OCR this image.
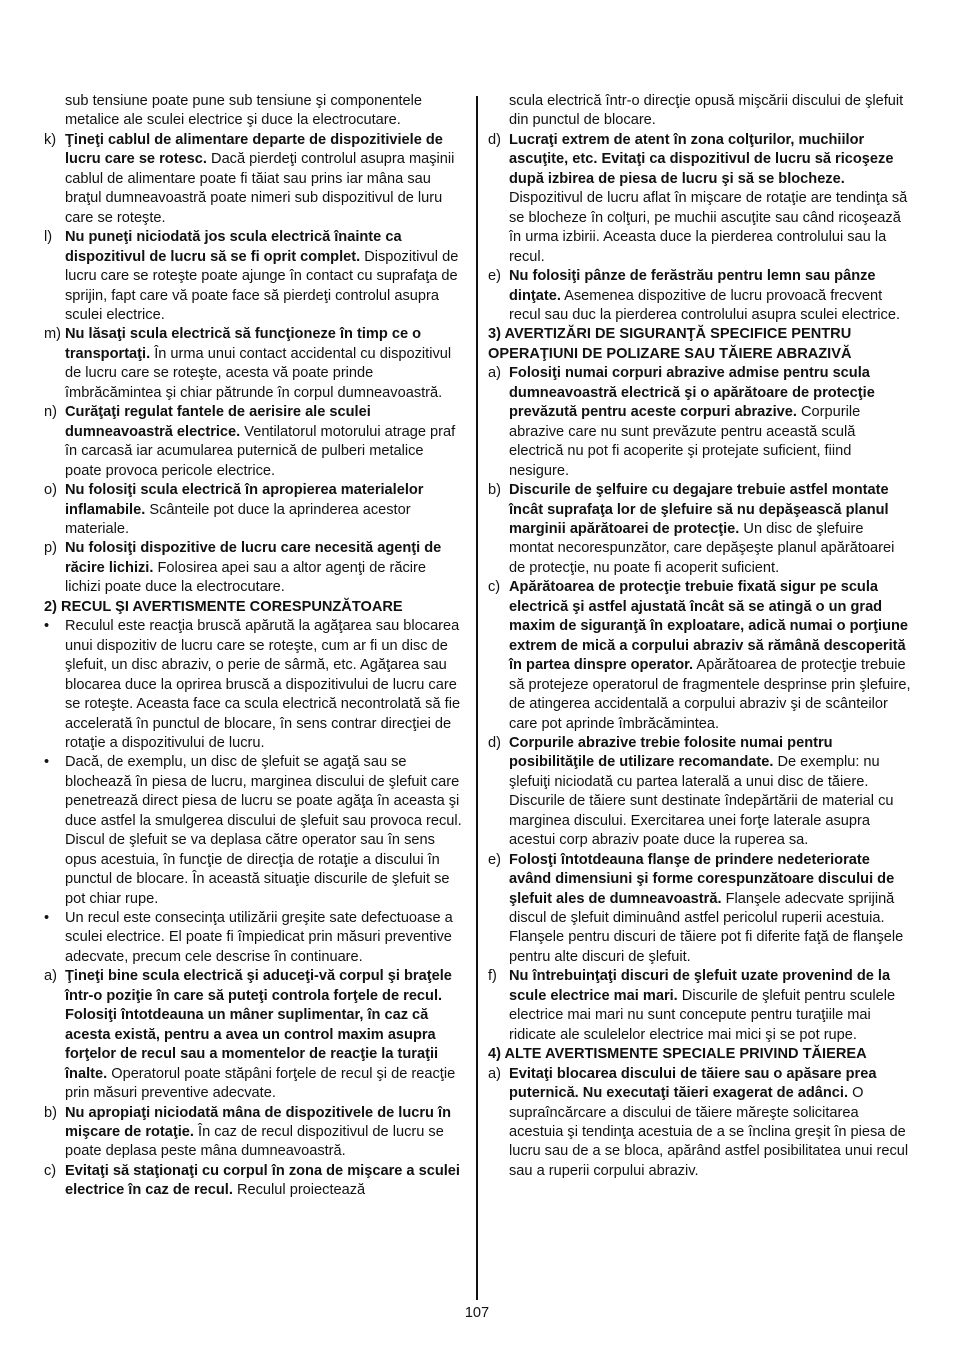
sub tensiune poate pune sub tensiune şi componentele metalice ale sculei electrice şi duce la electrocutare.
k) Ţineţi cablul de alimentare departe de dispozitiviele de lucru care se rotesc. Dacă pierdeţi controlul asupra maşinii cablul de alimentare poate fi tăiat sau prins iar mâna sau braţul dumneavoastră poate nimeri sub dispozitivul de luru care se roteşte.
l) Nu puneţi niciodată jos scula electrică înainte ca dispozitivul de lucru să se fi oprit complet. Dispozitivul de lucru care se roteşte poate ajunge în contact cu suprafaţa de sprijin, fapt care vă poate face să pierdeţi controlul asupra sculei electrice.
m) Nu lăsaţi scula electrică să funcţioneze în timp ce o transportaţi. În urma unui contact accidental cu dispozitivul de lucru care se roteşte, acesta vă poate prinde îmbrăcămintea şi chiar pătrunde în corpul dumneavoastră.
n) Curăţaţi regulat fantele de aerisire ale sculei dumneavoastră electrice. Ventilatorul motorului atrage praf în carcasă iar acumularea puternică de pulberi metalice poate provoca pericole electrice.
o) Nu folosiţi scula electrică în apropierea materialelor inflamabile. Scânteile pot duce la aprinderea acestor materiale.
p) Nu folosiţi dispozitive de lucru care necesită agenţi de răcire lichizi. Folosirea apei sau a altor agenţi de răcire lichizi poate duce la electrocutare.
2) RECUL ŞI AVERTISMENTE CORESPUNZĂTOARE
• Reculul este reacţia bruscă apărută la agăţarea sau blocarea unui dispozitiv de lucru care se roteşte, cum ar fi un disc de şlefuit, un disc abraziv, o perie de sârmă, etc. Agăţarea sau blocarea duce la oprirea bruscă a dispozitivului de lucru care se roteşte. Aceasta face ca scula electrică necontrolată să fie accelerată în punctul de blocare, în sens contrar direcţiei de rotaţie a dispozitivului de lucru.
• Dacă, de exemplu, un disc de şlefuit se agaţă sau se blochează în piesa de lucru, marginea discului de şlefuit care penetrează direct piesa de lucru se poate agăţa în aceasta şi duce astfel la smulgerea discului de şlefuit sau provoca recul. Discul de şlefuit se va deplasa către operator sau în sens opus acestuia, în funcţie de direcţia de rotaţie a discului în punctul de blocare. În această situaţie discurile de şlefuit se pot chiar rupe.
• Un recul este consecinţa utilizării greşite sate defectuoase a sculei electrice. El poate fi împiedicat prin măsuri preventive adecvate, precum cele descrise în continuare.
a) Ţineţi bine scula electrică şi aduceţi-vă corpul şi braţele într-o poziţie în care să puteţi controla forţele de recul. Folosiţi întotdeauna un mâner suplimentar, în caz că acesta există, pentru a avea un control maxim asupra forţelor de recul sau a momentelor de reacţie la turaţii înalte. Operatorul poate stăpâni forţele de recul şi de reacţie prin măsuri preventive adecvate.
b) Nu apropiaţi niciodată mâna de dispozitivele de lucru în mişcare de rotaţie. În caz de recul dispozitivul de lucru se poate deplasa peste mâna dumneavoastră.
c) Evitaţi să staţionaţi cu corpul în zona de mişcare a sculei electrice în caz de recul. Reculul proiectează
scula electrică într-o direcţie opusă mişcării discului de şlefuit din punctul de blocare.
d) Lucraţi extrem de atent în zona colţurilor, muchiilor ascuţite, etc. Evitaţi ca dispozitivul de lucru să ricoşeze după izbirea de piesa de lucru şi să se blocheze. Dispozitivul de lucru aflat în mişcare de rotaţie are tendinţa să se blocheze în colţuri, pe muchii ascuţite sau când ricoşează în urma izbirii. Aceasta duce la pierderea controlului sau la recul.
e) Nu folosiţi pânze de ferăstrău pentru lemn sau pânze dinţate. Asemenea dispozitive de lucru provoacă frecvent recul sau duc la pierderea controlului asupra sculei electrice.
3) AVERTIZĂRI DE SIGURANŢĂ SPECIFICE PENTRU OPERAŢIUNI DE POLIZARE SAU TĂIERE ABRAZIVĂ
a) Folosiţi numai corpuri abrazive admise pentru scula dumneavoastră electrică şi o apărătoare de protecţie prevăzută pentru aceste corpuri abrazive. Corpurile abrazive care nu sunt prevăzute pentru această sculă electrică nu pot fi acoperite şi protejate suficient, fiind nesigure.
b) Discurile de şelfuire cu degajare trebuie astfel montate încât suprafaţa lor de şlefuire să nu depăşească planul marginii apărătoarei de protecţie. Un disc de şlefuire montat necorespunzător, care depăşeşte planul apărătoarei de protecţie, nu poate fi acoperit suficient.
c) Apărătoarea de protecţie trebuie fixată sigur pe scula electrică şi astfel ajustată încât să se atingă o un grad maxim de siguranţă în exploatare, adică numai o porţiune extrem de mică a corpului abraziv să rămână descoperită în partea dinspre operator. Apărătoarea de protecţie trebuie să protejeze operatorul de fragmentele desprinse prin şlefuire, de atingerea accidentală a corpului abraziv şi de scânteilor care pot aprinde îmbrăcămintea.
d) Corpurile abrazive trebie folosite numai pentru posibilităţile de utilizare recomandate. De exemplu: nu şlefuiţi niciodată cu partea laterală a unui disc de tăiere. Discurile de tăiere sunt destinate îndepărtării de material cu marginea discului. Exercitarea unei forţe laterale asupra acestui corp abraziv poate duce la ruperea sa.
e) Folosţi întotdeauna flanşe de prindere nedeteriorate având dimensiuni şi forme corespunzătoare discului de şlefuit ales de dumneavoastră. Flanşele adecvate sprijină discul de şlefuit diminuând astfel pericolul ruperii acestuia. Flanşele pentru discuri de tăiere pot fi diferite faţă de flanşele pentru alte discuri de şlefuit.
f) Nu întrebuinţaţi discuri de şlefuit uzate provenind de la scule electrice mai mari. Discurile de şlefuit pentru sculele electrice mai mari nu sunt concepute pentru turaţiile mai ridicate ale sculelelor electrice mai mici şi se pot rupe.
4) ALTE AVERTISMENTE SPECIALE PRIVIND TĂIEREA
a) Evitaţi blocarea discului de tăiere sau o apăsare prea puternică. Nu executaţi tăieri exagerat de adânci. O supraîncărcare a discului de tăiere măreşte solicitarea acestuia şi tendinţa acestuia de a se înclina greşit în piesa de lucru sau de a se bloca, apărând astfel posibilitatea unui recul sau a ruperii corpului abraziv.
107
